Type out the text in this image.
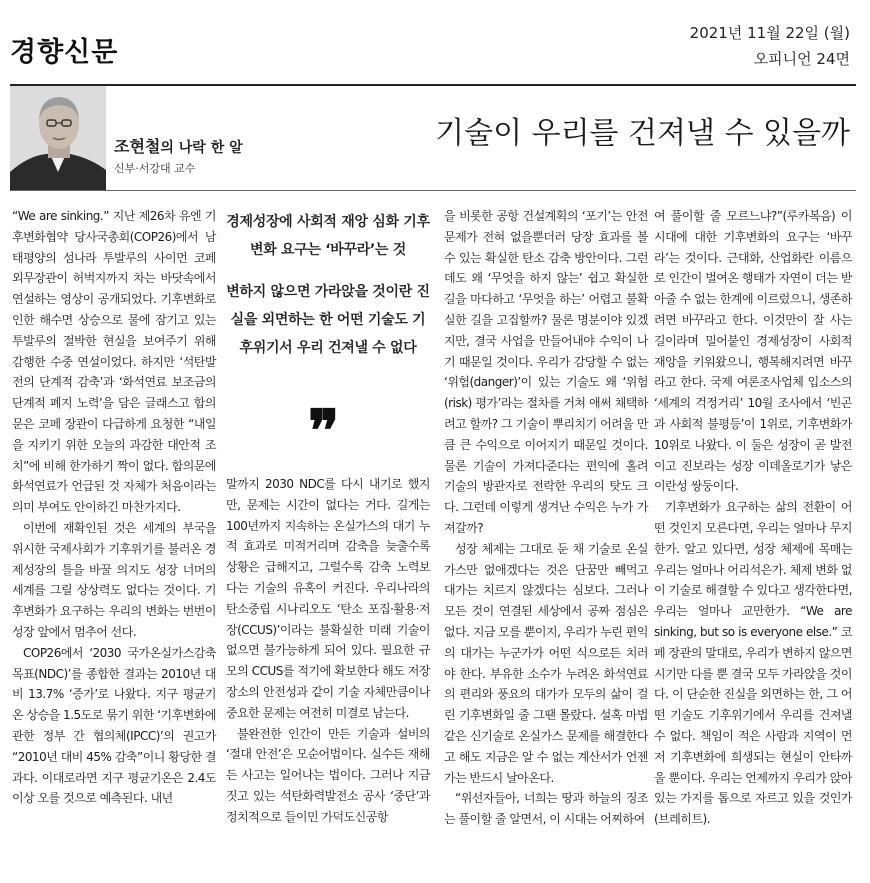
경향신문
2021년 11월 22일 (월)
오피니언 24면
조현철의 나락 한 알
신부·서강대 교수
기술이 우리를 건져낼 수 있을까

“We are sinking.” 지난 제26차 유엔 기후변화협약 당사국총회(COP26)에서 남태평양의 섬나라 투발루의 사이먼 코페 외무장관이 허벅지까지 차는 바닷속에서 연설하는 영상이 공개되었다. 기후변화로 인한 해수면 상승으로 물에 잠기고 있는 투발루의 절박한 현실을 보여주기 위해 감행한 수중 연설이었다. 하지만 ‘석탄발전의 단계적 감축’과 ‘화석연료 보조금의 단계적 폐지 노력’을 담은 글래스고 합의문은 코페 장관이 다급하게 요청한 “내일을 지키기 위한 오늘의 과감한 대안적 조치”에 비해 한가하기 짝이 없다. 합의문에 화석연료가 언급된 것 자체가 처음이라는 의미 부여도 안이하긴 마찬가지다.

이번에 재확인된 것은 세계의 부국을 위시한 국제사회가 기후위기를 불러온 경제성장의 틀을 바꿀 의지도 성장 너머의 세계를 그릴 상상력도 없다는 것이다. 기후변화가 요구하는 우리의 변화는 번번이 성장 앞에서 멈추어 선다.

COP26에서 ‘2030 국가온실가스감축목표(NDC)’를 종합한 결과는 2010년 대비 13.7% ‘증가’로 나왔다. 지구 평균기온 상승을 1.5도로 묶기 위한 ‘기후변화에 관한 정부 간 협의체(IPCC)’의 권고가 “2010년 대비 45% 감축”이니 황당한 결과다. 이대로라면 지구 평균기온은 2.4도 이상 오를 것으로 예측된다. 내년

경제성장에 사회적 재앙 심화 기후변화 요구는 ‘바꾸라’는 것

변하지 않으면 가라앉을 것이란 진실을 외면하는 한 어떤 기술도 기후위기서 우리 건져낼 수 없다

❞

말까지 2030 NDC를 다시 내기로 했지만, 문제는 시간이 없다는 거다. 길게는 100년까지 지속하는 온실가스의 대기 누적 효과로 미적거리며 감축을 늦출수록 상황은 급해지고, 그럴수록 감축 노력보다는 기술의 유혹이 커진다. 우리나라의 탄소중립 시나리오도 ‘탄소 포집·활용·저장(CCUS)’이라는 불확실한 미래 기술이 없으면 불가능하게 되어 있다. 필요한 규모의 CCUS를 적기에 확보한다 해도 저장 장소의 안전성과 같이 기술 자체만큼이나 중요한 문제는 여전히 미결로 남는다.

불완전한 인간이 만든 기술과 설비의 ‘절대 안전’은 모순어법이다. 실수든 재해든 사고는 일어나는 법이다. 그러나 지금 짓고 있는 석탄화력발전소 공사 ‘중단’과 정치적으로 들이민 가덕도신공항

을 비롯한 공항 건설계획의 ‘포기’는 안전 문제가 전혀 없을뿐더러 당장 효과를 볼 수 있는 확실한 탄소 감축 방안이다. 그런데도 왜 ‘무엇을 하지 않는’ 쉽고 확실한 길을 마다하고 ‘무엇을 하는’ 어렵고 불확실한 길을 고집할까? 물론 명분이야 있겠지만, 결국 사업을 만들어내야 수익이 나기 때문일 것이다. 우리가 감당할 수 없는 ‘위험(danger)’이 있는 기술도 왜 ‘위험(risk) 평가’라는 절차를 거쳐 애써 채택하려고 할까? 그 기술이 뿌리치기 어려울 만큼 큰 수익으로 이어지기 때문일 것이다. 물론 기술이 가져다준다는 편익에 홀려 기술의 방관자로 전락한 우리의 탓도 크다. 그런데 이렇게 생겨난 수익은 누가 가져갈까?

성장 체제는 그대로 둔 채 기술로 온실가스만 없애겠다는 것은 단꿈만 빼먹고 대가는 치르지 않겠다는 심보다. 그러나 모든 것이 연결된 세상에서 공짜 점심은 없다. 지금 모를 뿐이지, 우리가 누린 편익의 대가는 누군가가 어떤 식으로든 치러야 한다. 부유한 소수가 누려온 화석연료의 편리와 풍요의 대가가 모두의 삶이 걸린 기후변화일 줄 그땐 몰랐다. 설혹 마법 같은 신기술로 온실가스 문제를 해결한다고 해도 지금은 알 수 없는 계산서가 언젠가는 반드시 날아온다.

“위선자들아, 너희는 땅과 하늘의 징조는 풀이할 줄 알면서, 이 시대는 어찌하여

여 풀이할 줄 모르느냐?”(루카복음) 이 시대에 대한 기후변화의 요구는 ‘바꾸라’는 것이다. 근대화, 산업화란 이름으로 인간이 벌여온 행태가 자연이 더는 받아줄 수 없는 한계에 이르렀으니, 생존하려면 바꾸라고 한다. 이것만이 잘 사는 길이라며 밀어붙인 경제성장이 사회적 재앙을 키워왔으니, 행복해지려면 바꾸라고 한다. 국제 여론조사업체 입소스의 ‘세계의 걱정거리’ 10월 조사에서 ‘빈곤과 사회적 불평등’이 1위로, 기후변화가 10위로 나왔다. 이 둘은 성장이 곧 발전이고 진보라는 성장 이데올로기가 낳은 이란성 쌍둥이다.

기후변화가 요구하는 삶의 전환이 어떤 것인지 모른다면, 우리는 얼마나 무지한가. 알고 있다면, 성장 체제에 목매는 우리는 얼마나 어리석은가. 체제 변화 없이 기술로 해결할 수 있다고 생각한다면, 우리는 얼마나 교만한가. “We are sinking, but so is everyone else.” 코페 장관의 말대로, 우리가 변하지 않으면 시기만 다를 뿐 결국 모두 가라앉을 것이다. 이 단순한 진실을 외면하는 한, 그 어떤 기술도 기후위기에서 우리를 건져낼 수 없다. 책임이 적은 사람과 지역이 먼저 기후변화에 희생되는 현실이 안타까울 뿐이다. 우리는 언제까지 우리가 앉아 있는 가지를 톱으로 자르고 있을 것인가(브레히트).
